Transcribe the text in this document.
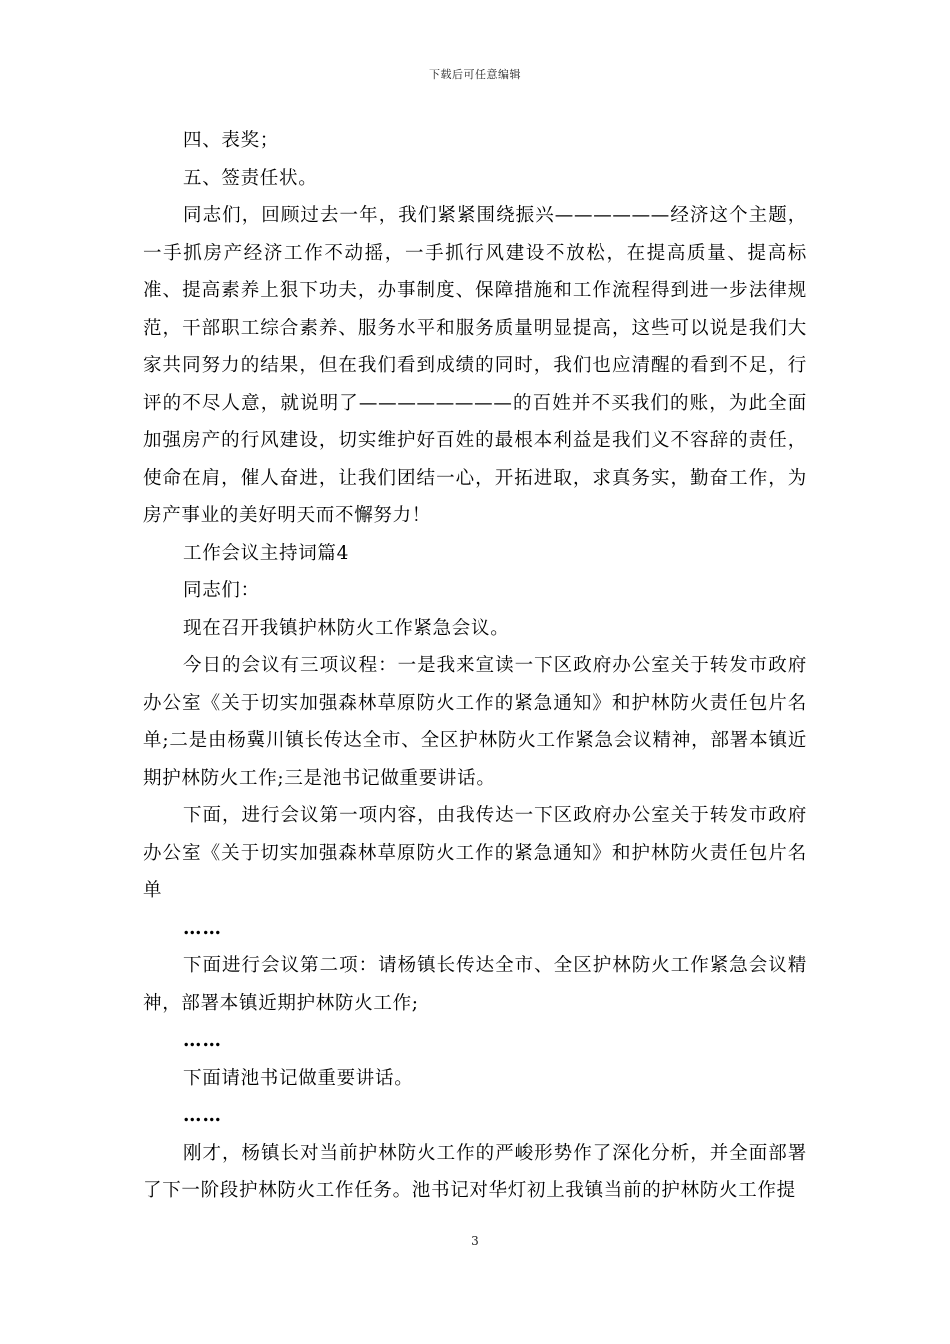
下载后可任意编辑

四、表奖；

五、签责任状。

同志们，回顾过去一年，我们紧紧围绕振兴——————经济这个主题，一手抓房产经济工作不动摇，一手抓行风建设不放松，在提高质量、提高标准、提高素养上狠下功夫，办事制度、保障措施和工作流程得到进一步法律规范，干部职工综合素养、服务水平和服务质量明显提高，这些可以说是我们大家共同努力的结果，但在我们看到成绩的同时，我们也应清醒的看到不足，行评的不尽人意，就说明了————————的百姓并不买我们的账，为此全面加强房产的行风建设，切实维护好百姓的最根本利益是我们义不容辞的责任，使命在肩，催人奋进，让我们团结一心，开拓进取，求真务实，勤奋工作，为房产事业的美好明天而不懈努力！

工作会议主持词篇4

同志们：

现在召开我镇护林防火工作紧急会议。

今日的会议有三项议程：一是我来宣读一下区政府办公室关于转发市政府办公室《关于切实加强森林草原防火工作的紧急通知》和护林防火责任包片名单;二是由杨冀川镇长传达全市、全区护林防火工作紧急会议精神，部署本镇近期护林防火工作;三是池书记做重要讲话。

下面，进行会议第一项内容，由我传达一下区政府办公室关于转发市政府办公室《关于切实加强森林草原防火工作的紧急通知》和护林防火责任包片名单

……

下面进行会议第二项：请杨镇长传达全市、全区护林防火工作紧急会议精神，部署本镇近期护林防火工作;

……

下面请池书记做重要讲话。

……

刚才，杨镇长对当前护林防火工作的严峻形势作了深化分析，并全面部署了下一阶段护林防火工作任务。池书记对华灯初上我镇当前的护林防火工作提

3
